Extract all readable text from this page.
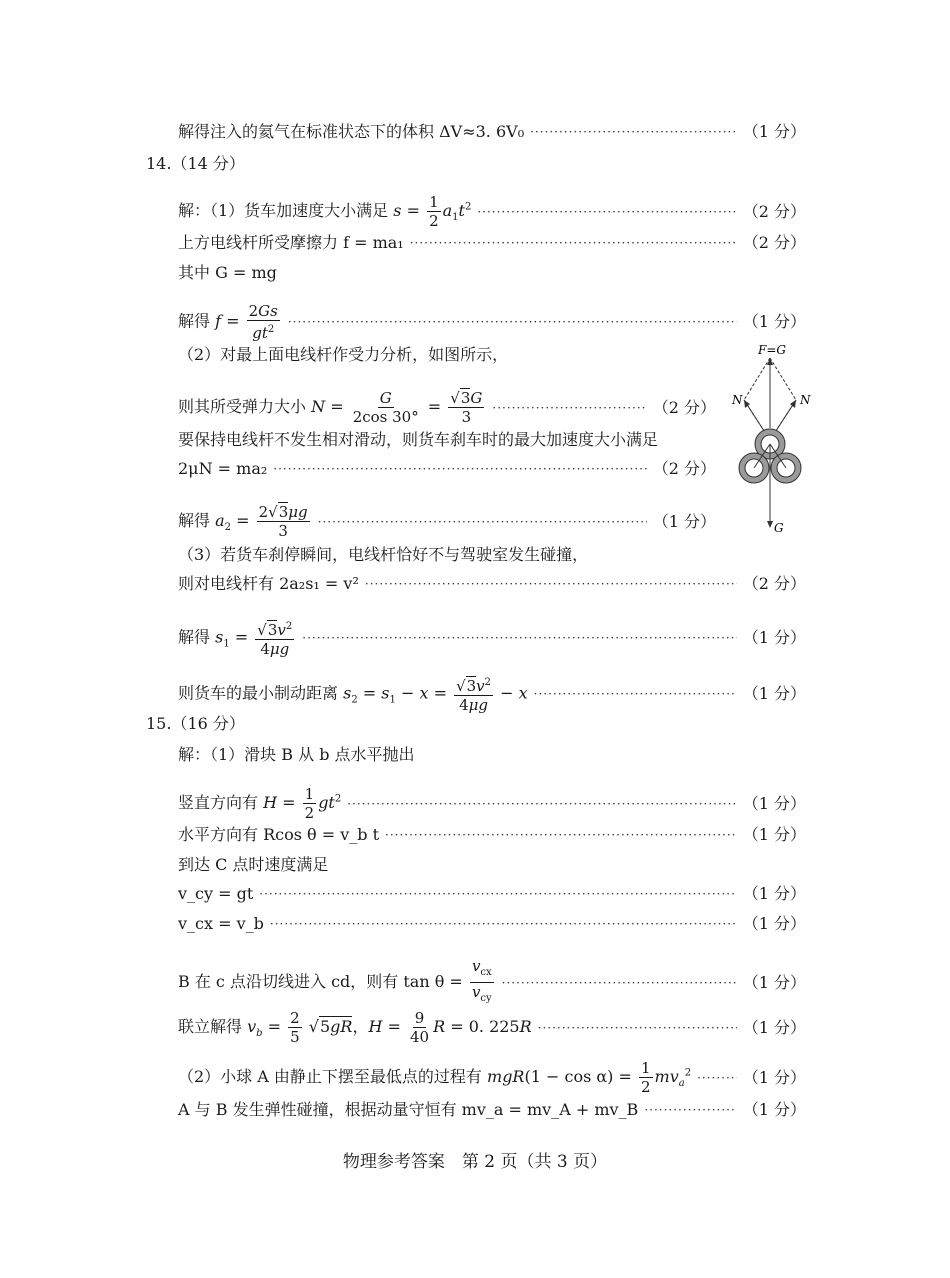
解得注入的氦气在标准状态下的体积 ΔV≈3. 6V₀ ·····	（1 分）
14.（14 分）
解：（1）货车加速度大小满足 $s = \frac{1}{2} a_1t^2$ ·····	（2 分）
上方电线杆所受摩擦力 f = ma₁ ·····	（2 分）
其中 G = mg
解得 $f = \frac{2Gs}{gt^2}$ ·····	（1 分）
（2）对最上面电线杆作受力分析，如图所示，
则其所受弹力大小 $N = \frac{G}{2\cos 30^\circ} = \frac{√3G}{3}$ ·····	（2 分）
要保持电线杆不发生相对滑动，则货车刹车时的最大加速度大小满足
2μN = ma₂ ·····	（2 分）
解得 $a_2 = \frac{2√3\mu g}{3}$ ·····	（1 分）
（3）若货车刹停瞬间，电线杆恰好不与驾驶室发生碰撞，
则对电线杆有 2a₂s₁ = v² ·····	（2 分）
解得 $s_1 = \frac{√3v^2}{4\mu g}$ ·····	（1 分）
则货车的最小制动距离 $s_2 = s_1 - x = \frac{√3v^2}{4\mu g} - x$ ·····	（1 分）
15.（16 分）
解：（1）滑块 B 从 b 点水平抛出
竖直方向有 $H = \frac{1}{2} gt^2$ ·····	（1 分）
水平方向有 Rcos θ = v_b t ·····	（1 分）
到达 C 点时速度满足
v_cy = gt ·····	（1 分）
v_cx = v_b ·····	（1 分）
B 在 c 点沿切线进入 cd，则有 $\tan \theta = \frac{v_{cx}}{v_{cy}}$ ·····	（1 分）
联立解得 $v_b = \frac{2}{5} √5gR$，$H = \frac{9}{40}$ R = 0. 225R ·····	（1 分）
（2）小球 A 由静止下摆至最低点的过程有 $mgR(1 - \cos \alpha) = \frac{1}{2} mv_a^2$ ·····	（1 分）
A 与 B 发生弹性碰撞，根据动量守恒有 mv_a = mv_A + mv_B ·····	（1 分）
F=G
N	N
G
物理参考答案　第 2 页（共 3 页）
